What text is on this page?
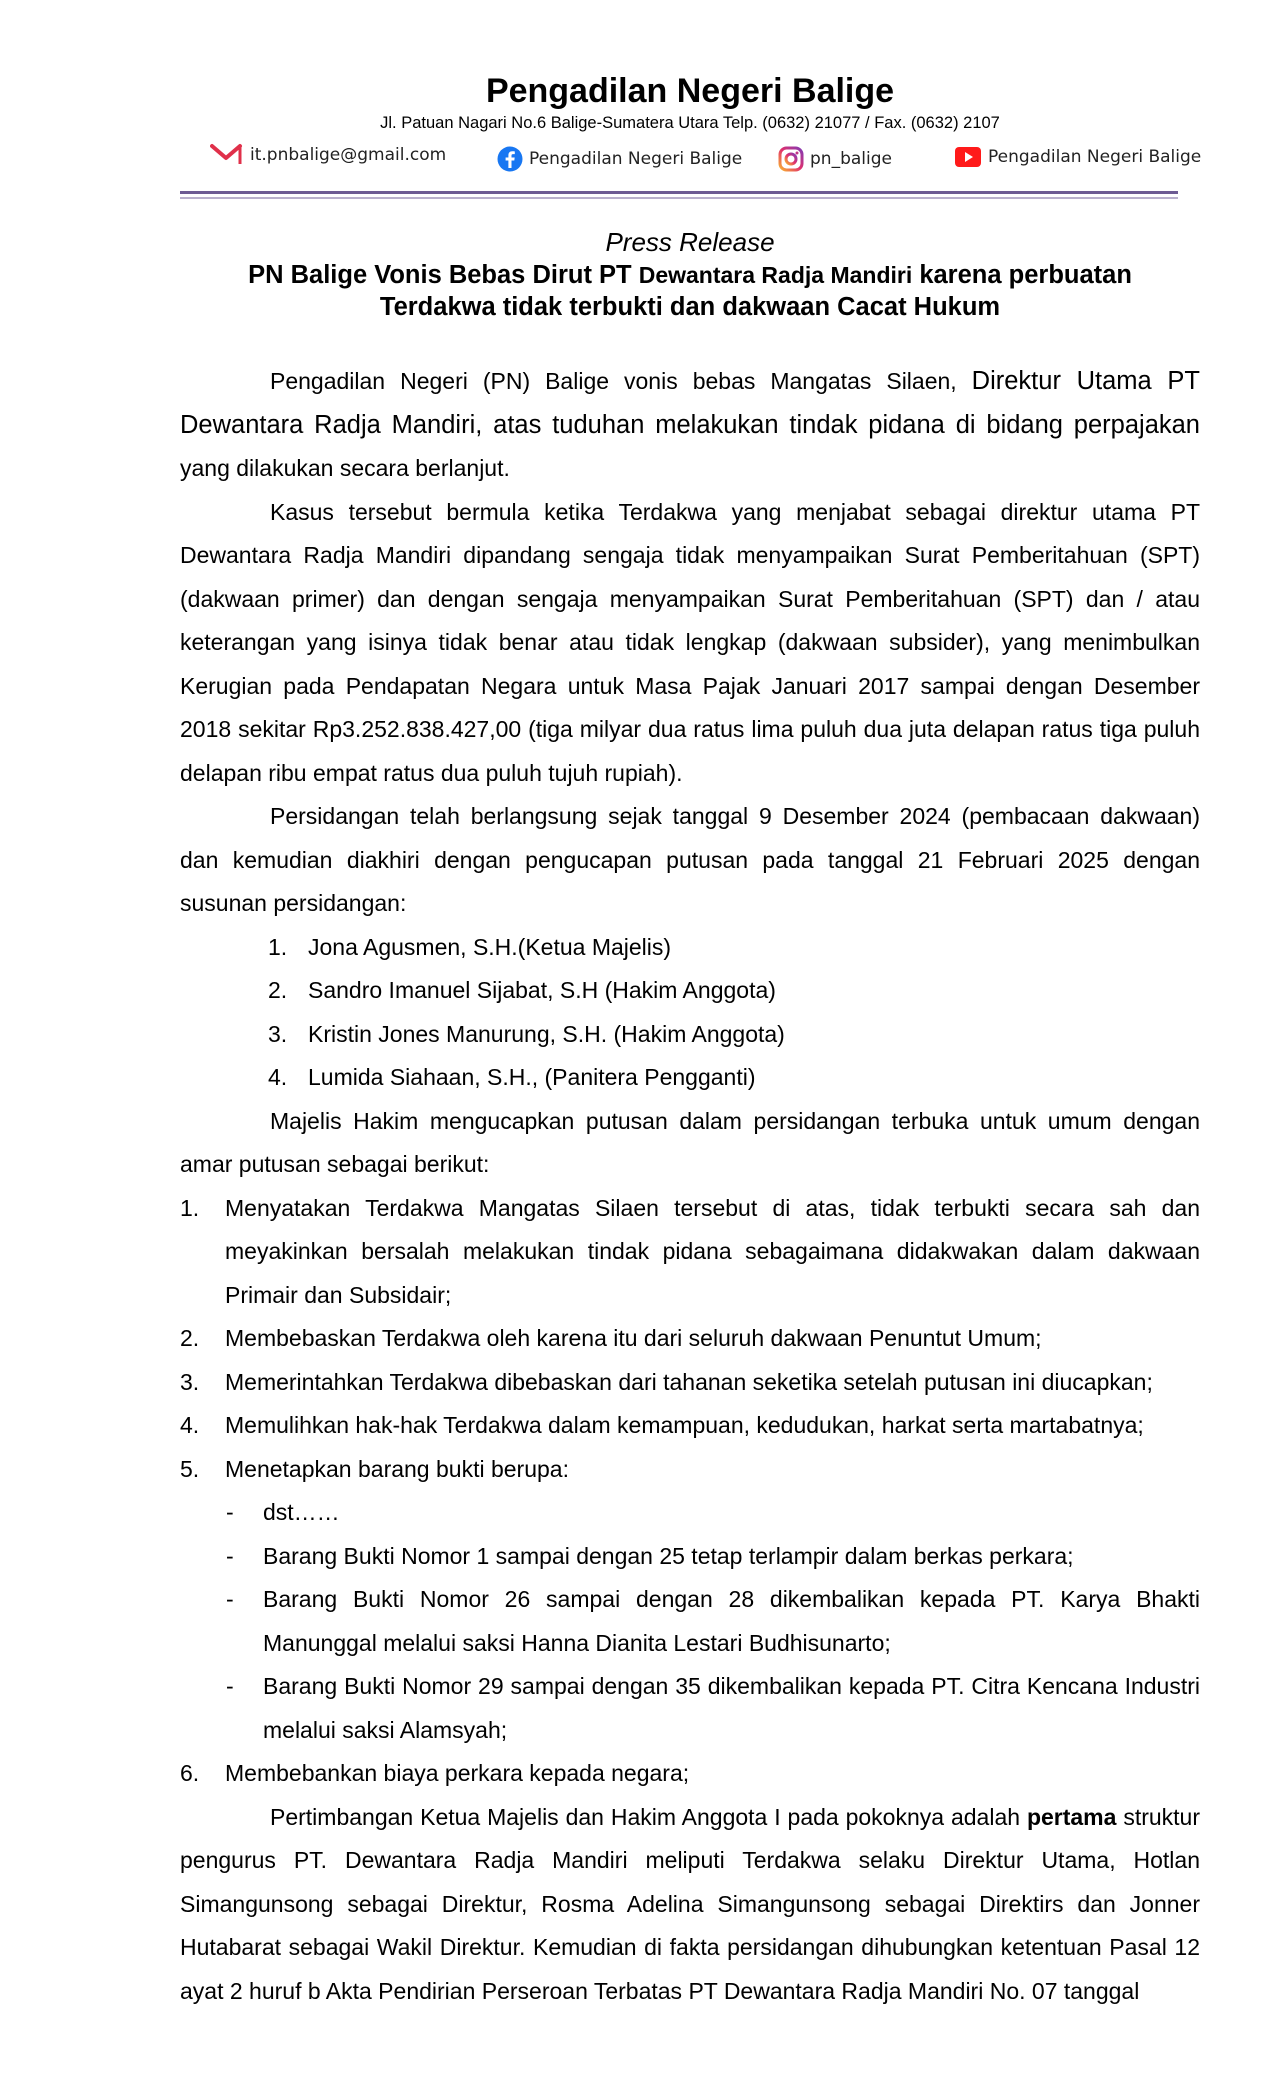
Pengadilan Negeri Balige
Jl. Patuan Nagari No.6 Balige-Sumatera Utara Telp. (0632) 21077 / Fax. (0632) 2107
it.pnbalige@gmail.com	Pengadilan Negeri Balige	pn_balige	Pengadilan Negeri Balige
Press Release
PN Balige Vonis Bebas Dirut PT Dewantara Radja Mandiri karena perbuatan
Terdakwa tidak terbukti dan dakwaan Cacat Hukum

Pengadilan Negeri (PN) Balige vonis bebas Mangatas Silaen, Direktur Utama PT Dewantara Radja Mandiri, atas tuduhan melakukan tindak pidana di bidang perpajakan yang dilakukan secara berlanjut.

Kasus tersebut bermula ketika Terdakwa yang menjabat sebagai direktur utama PT Dewantara Radja Mandiri dipandang sengaja tidak menyampaikan Surat Pemberitahuan (SPT) (dakwaan primer) dan dengan sengaja menyampaikan Surat Pemberitahuan (SPT) dan / atau keterangan yang isinya tidak benar atau tidak lengkap (dakwaan subsider), yang menimbulkan Kerugian pada Pendapatan Negara untuk Masa Pajak Januari 2017 sampai dengan Desember 2018 sekitar Rp3.252.838.427,00 (tiga milyar dua ratus lima puluh dua juta delapan ratus tiga puluh delapan ribu empat ratus dua puluh tujuh rupiah).

Persidangan telah berlangsung sejak tanggal 9 Desember 2024 (pembacaan dakwaan) dan kemudian diakhiri dengan pengucapan putusan pada tanggal 21 Februari 2025 dengan susunan persidangan:

1. Jona Agusmen, S.H.(Ketua Majelis)
2. Sandro Imanuel Sijabat, S.H (Hakim Anggota)
3. Kristin Jones Manurung, S.H. (Hakim Anggota)
4. Lumida Siahaan, S.H., (Panitera Pengganti)

Majelis Hakim mengucapkan putusan dalam persidangan terbuka untuk umum dengan amar putusan sebagai berikut:

1. Menyatakan Terdakwa Mangatas Silaen tersebut di atas, tidak terbukti secara sah dan meyakinkan bersalah melakukan tindak pidana sebagaimana didakwakan dalam dakwaan Primair dan Subsidair;
2. Membebaskan Terdakwa oleh karena itu dari seluruh dakwaan Penuntut Umum;
3. Memerintahkan Terdakwa dibebaskan dari tahanan seketika setelah putusan ini diucapkan;
4. Memulihkan hak-hak Terdakwa dalam kemampuan, kedudukan, harkat serta martabatnya;
5. Menetapkan barang bukti berupa:
- dst……
- Barang Bukti Nomor 1 sampai dengan 25 tetap terlampir dalam berkas perkara;
- Barang Bukti Nomor 26 sampai dengan 28 dikembalikan kepada PT. Karya Bhakti Manunggal melalui saksi Hanna Dianita Lestari Budhisunarto;
- Barang Bukti Nomor 29 sampai dengan 35 dikembalikan kepada PT. Citra Kencana Industri melalui saksi Alamsyah;
6. Membebankan biaya perkara kepada negara;

Pertimbangan Ketua Majelis dan Hakim Anggota I pada pokoknya adalah pertama struktur pengurus PT. Dewantara Radja Mandiri meliputi Terdakwa selaku Direktur Utama, Hotlan Simangunsong sebagai Direktur, Rosma Adelina Simangunsong sebagai Direktirs dan Jonner Hutabarat sebagai Wakil Direktur. Kemudian di fakta persidangan dihubungkan ketentuan Pasal 12 ayat 2 huruf b Akta Pendirian Perseroan Terbatas PT Dewantara Radja Mandiri No. 07 tanggal
